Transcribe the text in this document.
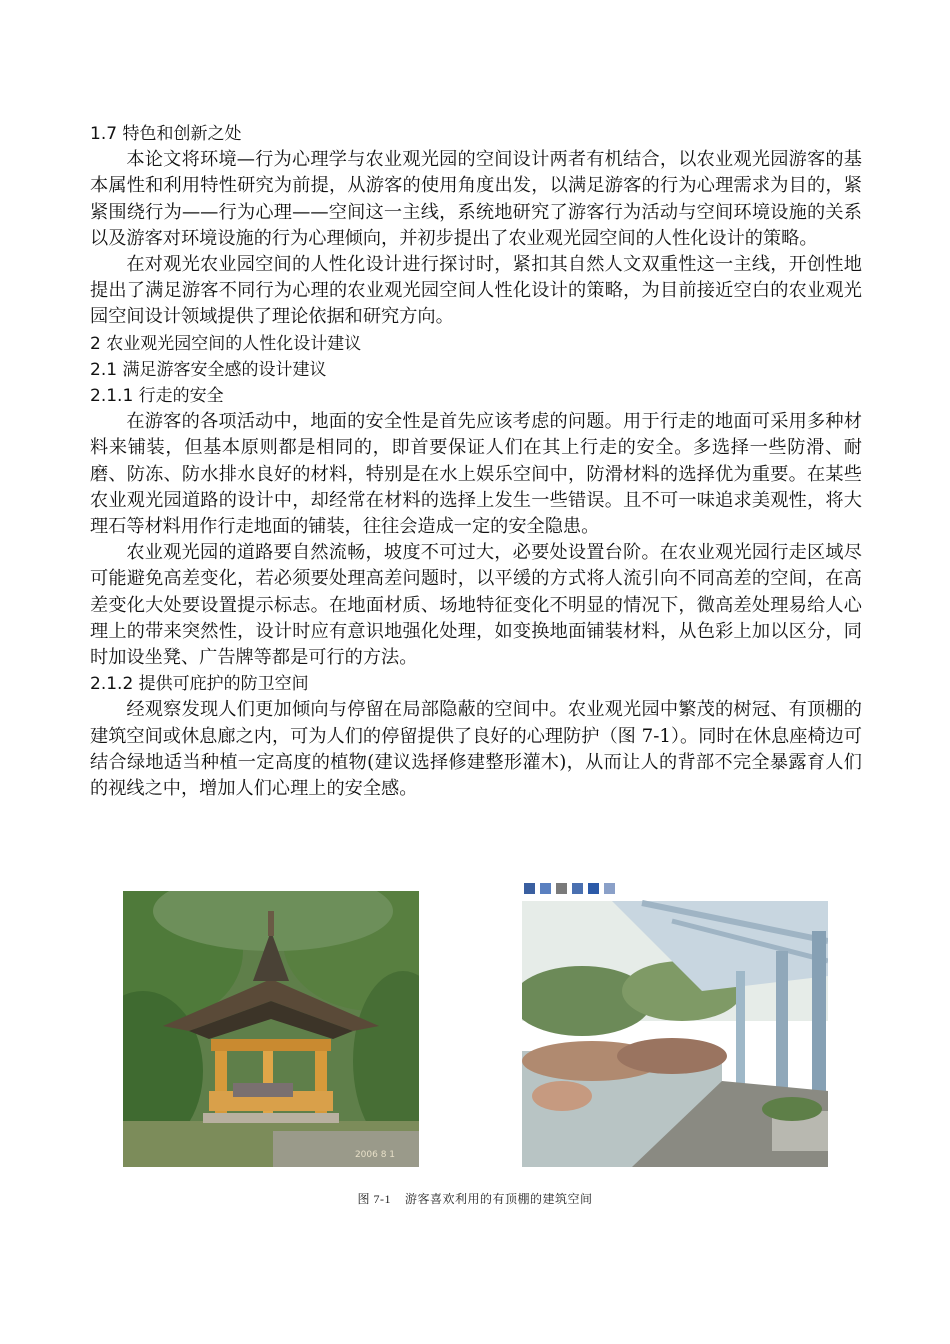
1.7 特色和创新之处

本论文将环境—行为心理学与农业观光园的空间设计两者有机结合，以农业观光园游客的基本属性和利用特性研究为前提，从游客的使用角度出发，以满足游客的行为心理需求为目的，紧紧围绕行为——行为心理——空间这一主线，系统地研究了游客行为活动与空间环境设施的关系以及游客对环境设施的行为心理倾向，并初步提出了农业观光园空间的人性化设计的策略。

在对观光农业园空间的人性化设计进行探讨时，紧扣其自然人文双重性这一主线，开创性地提出了满足游客不同行为心理的农业观光园空间人性化设计的策略，为目前接近空白的农业观光园空间设计领域提供了理论依据和研究方向。

2 农业观光园空间的人性化设计建议

2.1 满足游客安全感的设计建议

2.1.1 行走的安全

在游客的各项活动中，地面的安全性是首先应该考虑的问题。用于行走的地面可采用多种材料来铺装，但基本原则都是相同的，即首要保证人们在其上行走的安全。多选择一些防滑、耐磨、防冻、防水排水良好的材料，特别是在水上娱乐空间中，防滑材料的选择优为重要。在某些农业观光园道路的设计中，却经常在材料的选择上发生一些错误。且不可一味追求美观性，将大理石等材料用作行走地面的铺装，往往会造成一定的安全隐患。

农业观光园的道路要自然流畅，坡度不可过大，必要处设置台阶。在农业观光园行走区域尽可能避免高差变化，若必须要处理高差问题时，以平缓的方式将人流引向不同高差的空间，在高差变化大处要设置提示标志。在地面材质、场地特征变化不明显的情况下，微高差处理易给人心理上的带来突然性，设计时应有意识地强化处理，如变换地面铺装材料，从色彩上加以区分，同时加设坐凳、广告牌等都是可行的方法。

2.1.2 提供可庇护的防卫空间

经观察发现人们更加倾向与停留在局部隐蔽的空间中。农业观光园中繁茂的树冠、有顶棚的建筑空间或休息廊之内，可为人们的停留提供了良好的心理防护（图 7-1）。同时在休息座椅边可结合绿地适当种植一定高度的植物(建议选择修建整形灌木)，从而让人的背部不完全暴露育人们的视线之中，增加人们心理上的安全感。

2006 8 1
图 7-1 游客喜欢利用的有顶棚的建筑空间
